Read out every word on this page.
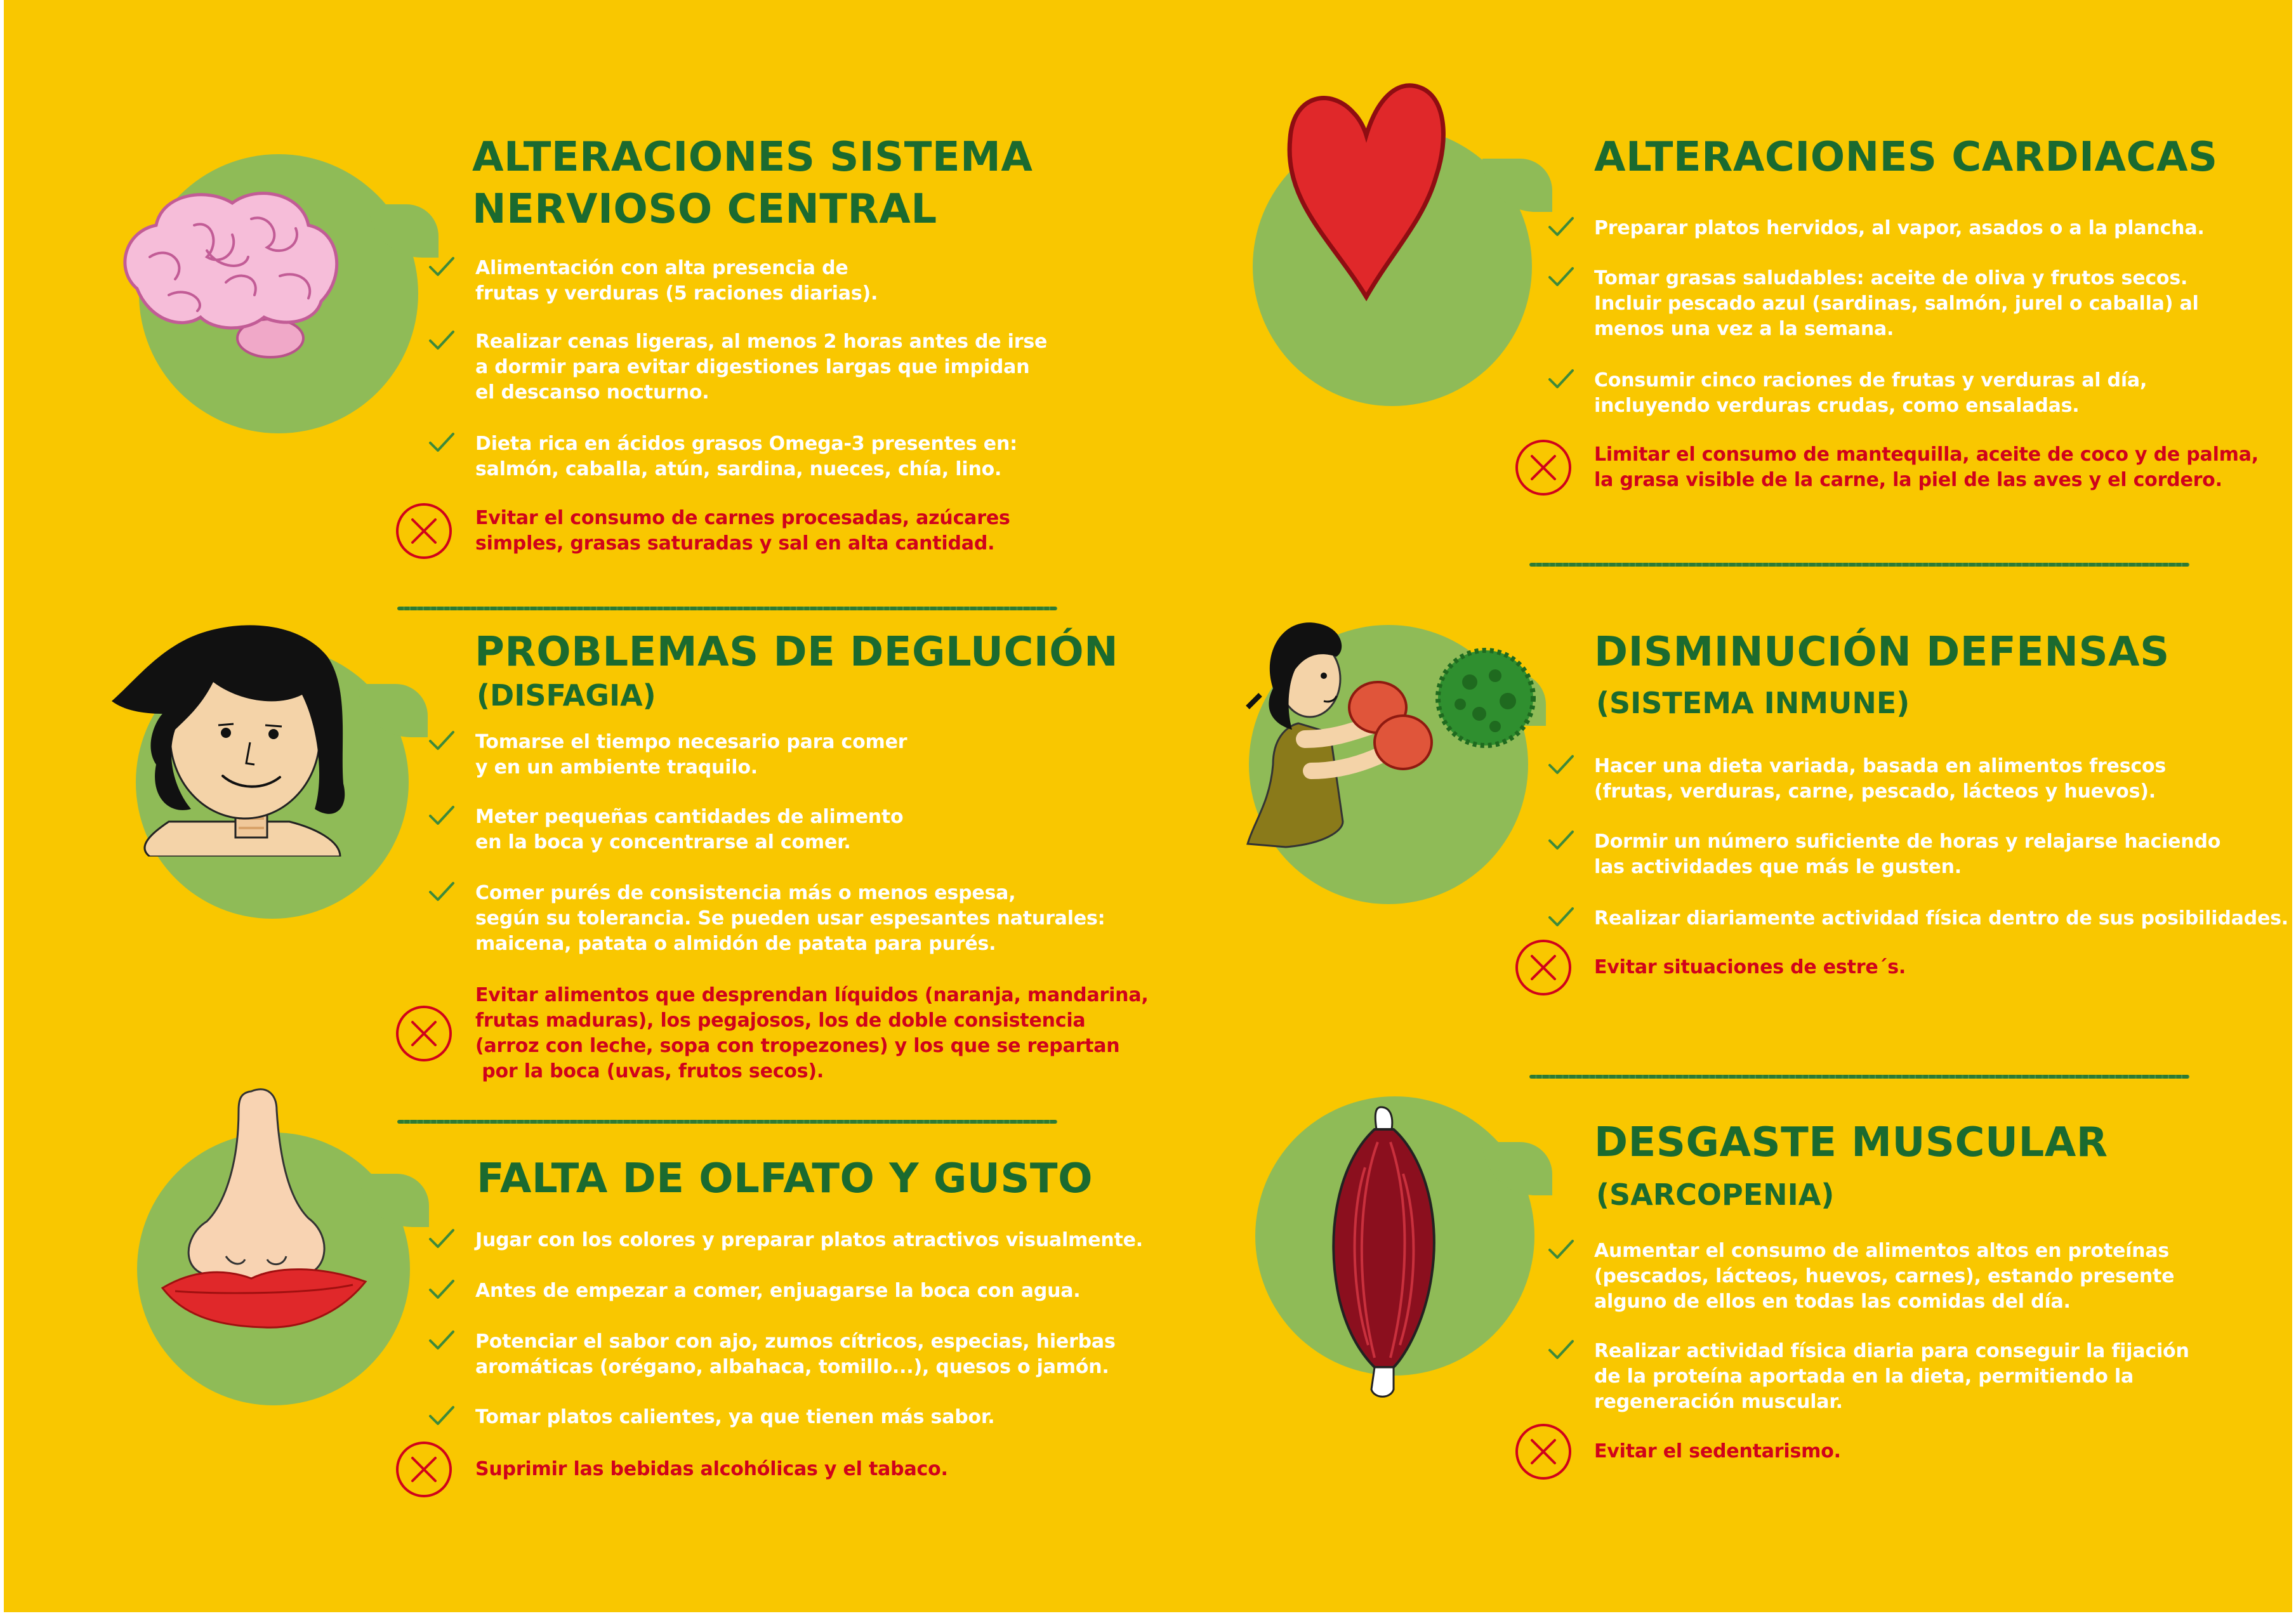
ALTERACIONES SISTEMA
NERVIOSO CENTRAL
PROBLEMAS DE DEGLUCIÓN
(DISFAGIA)
FALTA DE OLFATO Y GUSTO
ALTERACIONES CARDIACAS
DISMINUCIÓN DEFENSAS
(SISTEMA INMUNE)
DESGASTE MUSCULAR
(SARCOPENIA)
Alimentación con alta presencia de
frutas y verduras (5 raciones diarias).
Realizar cenas ligeras, al menos 2 horas antes de irse
a dormir para evitar digestiones largas que impidan
el descanso nocturno.
Dieta rica en ácidos grasos Omega-3 presentes en:
salmón, caballa, atún, sardina, nueces, chía, lino.
Evitar el consumo de carnes procesadas, azúcares
simples, grasas saturadas y sal en alta cantidad.
Tomarse el tiempo necesario para comer
y en un ambiente traquilo.
Meter pequeñas cantidades de alimento
en la boca y concentrarse al comer.
Comer purés de consistencia más o menos espesa,
según su tolerancia. Se pueden usar espesantes naturales:
maicena, patata o almidón de patata para purés.
Evitar alimentos que desprendan líquidos (naranja, mandarina,
frutas maduras), los pegajosos, los de doble consistencia
(arroz con leche, sopa con tropezones) y los que se repartan
por la boca (uvas, frutos secos).
Jugar con los colores y preparar platos atractivos visualmente.
Antes de empezar a comer, enjuagarse la boca con agua.
Potenciar el sabor con ajo, zumos cítricos, especias, hierbas
aromáticas (orégano, albahaca, tomillo...), quesos o jamón.
Tomar platos calientes, ya que tienen más sabor.
Suprimir las bebidas alcohólicas y el tabaco.
Preparar platos hervidos, al vapor, asados o a la plancha.
Tomar grasas saludables: aceite de oliva y frutos secos.
Incluir pescado azul (sardinas, salmón, jurel o caballa) al
menos una vez a la semana.
Consumir cinco raciones de frutas y verduras al día,
incluyendo verduras crudas, como ensaladas.
Limitar el consumo de mantequilla, aceite de coco y de palma,
la grasa visible de la carne, la piel de las aves y el cordero.
Hacer una dieta variada, basada en alimentos frescos
(frutas, verduras, carne, pescado, lácteos y huevos).
Dormir un número suficiente de horas y relajarse haciendo
las actividades que más le gusten.
Realizar diariamente actividad física dentro de sus posibilidades.
Evitar situaciones de estre´s.
Aumentar el consumo de alimentos altos en proteínas
(pescados, lácteos, huevos, carnes), estando presente
alguno de ellos en todas las comidas del día.
Realizar actividad física diaria para conseguir la fijación
de la proteína aportada en la dieta, permitiendo la
regeneración muscular.
Evitar el sedentarismo.
